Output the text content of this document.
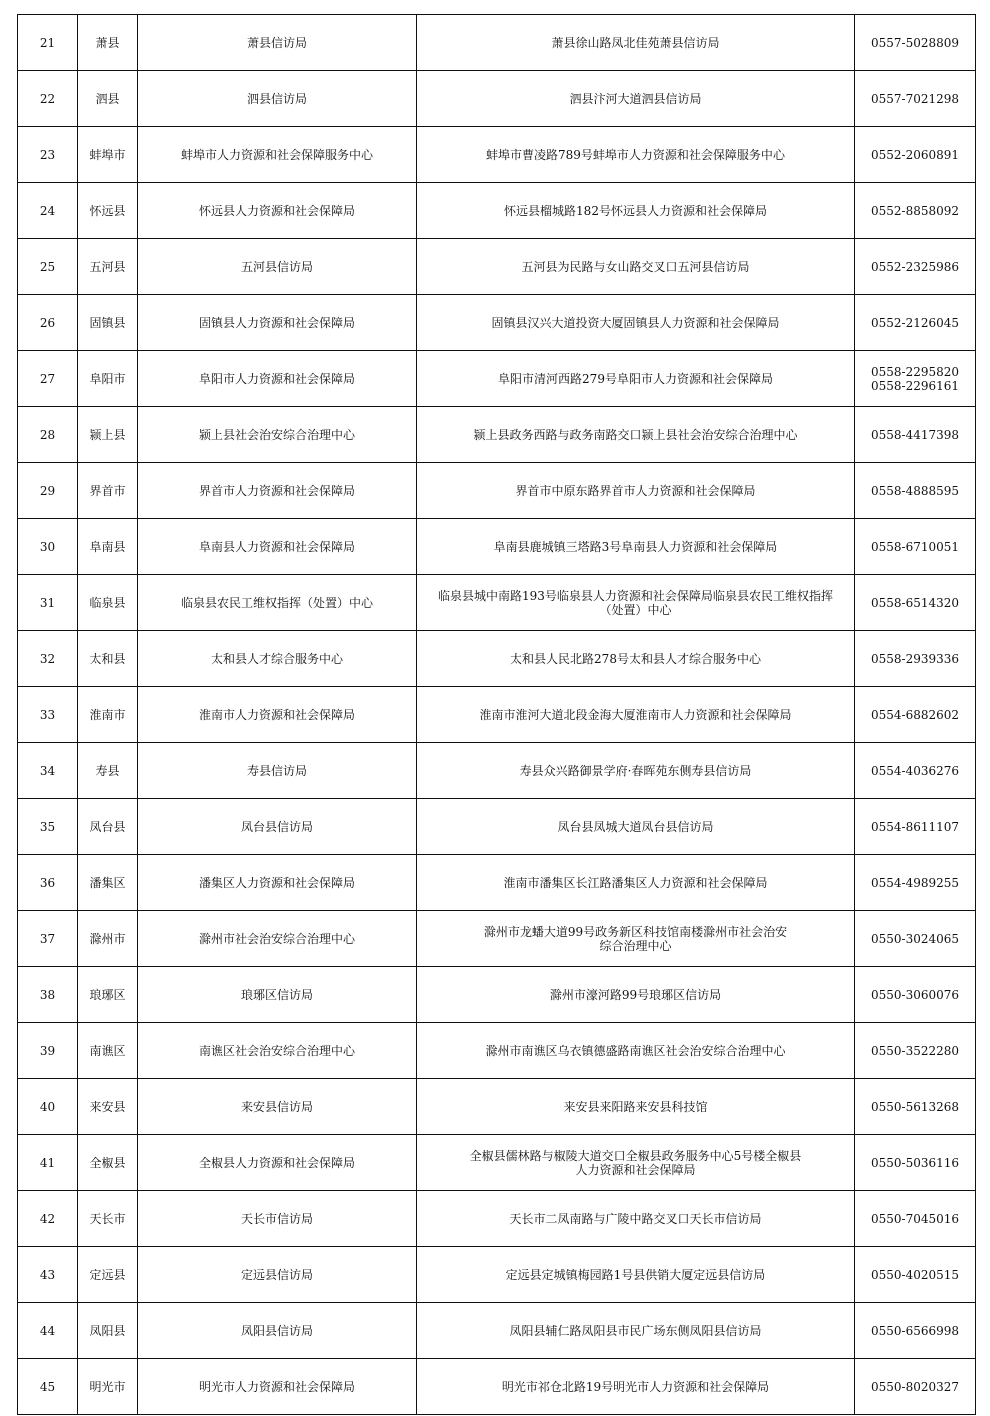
21	萧县	萧县信访局	萧县徐山路凤北佳苑萧县信访局	0557-5028809

22	泗县	泗县信访局	泗县汴河大道泗县信访局	0557-7021298

23	蚌埠市	蚌埠市人力资源和社会保障服务中心	蚌埠市曹凌路789号蚌埠市人力资源和社会保障服务中心	0552-2060891

24	怀远县	怀远县人力资源和社会保障局	怀远县榴城路182号怀远县人力资源和社会保障局	0552-8858092

25	五河县	五河县信访局	五河县为民路与女山路交叉口五河县信访局	0552-2325986

26	固镇县	固镇县人力资源和社会保障局	固镇县汉兴大道投资大厦固镇县人力资源和社会保障局	0552-2126045

27	阜阳市	阜阳市人力资源和社会保障局	阜阳市清河西路279号阜阳市人力资源和社会保障局	0558-2295820
0558-2296161

28	颍上县	颍上县社会治安综合治理中心	颍上县政务西路与政务南路交口颍上县社会治安综合治理中心	0558-4417398

29	界首市	界首市人力资源和社会保障局	界首市中原东路界首市人力资源和社会保障局	0558-4888595

30	阜南县	阜南县人力资源和社会保障局	阜南县鹿城镇三塔路3号阜南县人力资源和社会保障局	0558-6710051

31	临泉县	临泉县农民工维权指挥（处置）中心	临泉县城中南路193号临泉县人力资源和社会保障局临泉县农民工维权指挥
（处置）中心	0558-6514320

32	太和县	太和县人才综合服务中心	太和县人民北路278号太和县人才综合服务中心	0558-2939336

33	淮南市	淮南市人力资源和社会保障局	淮南市淮河大道北段金海大厦淮南市人力资源和社会保障局	0554-6882602

34	寿县	寿县信访局	寿县众兴路御景学府·春晖苑东侧寿县信访局	0554-4036276

35	凤台县	凤台县信访局	凤台县凤城大道凤台县信访局	0554-8611107

36	潘集区	潘集区人力资源和社会保障局	淮南市潘集区长江路潘集区人力资源和社会保障局	0554-4989255

37	滁州市	滁州市社会治安综合治理中心	滁州市龙蟠大道99号政务新区科技馆南楼滁州市社会治安
综合治理中心	0550-3024065

38	琅琊区	琅琊区信访局	滁州市濠河路99号琅琊区信访局	0550-3060076

39	南谯区	南谯区社会治安综合治理中心	滁州市南谯区乌衣镇德盛路南谯区社会治安综合治理中心	0550-3522280

40	来安县	来安县信访局	来安县来阳路来安县科技馆	0550-5613268

41	全椒县	全椒县人力资源和社会保障局	全椒县儒林路与椒陵大道交口全椒县政务服务中心5号楼全椒县
人力资源和社会保障局	0550-5036116

42	天长市	天长市信访局	天长市二凤南路与广陵中路交叉口天长市信访局	0550-7045016

43	定远县	定远县信访局	定远县定城镇梅园路1号县供销大厦定远县信访局	0550-4020515

44	凤阳县	凤阳县信访局	凤阳县辅仁路凤阳县市民广场东侧凤阳县信访局	0550-6566998

45	明光市	明光市人力资源和社会保障局	明光市祁仓北路19号明光市人力资源和社会保障局	0550-8020327
